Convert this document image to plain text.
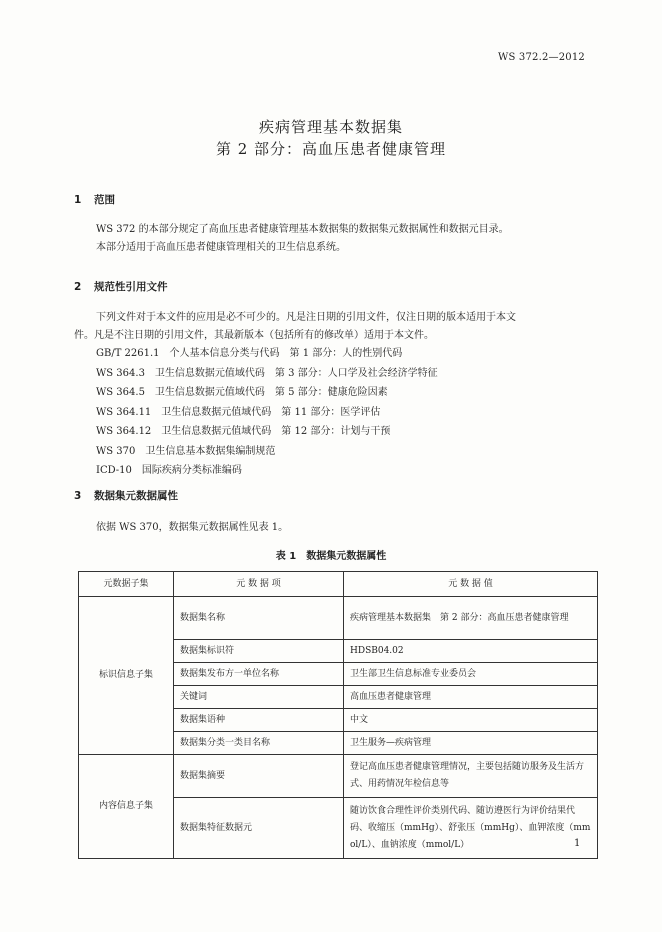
WS 372.2—2012
疾病管理基本数据集
第 2 部分：高血压患者健康管理
1 范围
WS 372 的本部分规定了高血压患者健康管理基本数据集的数据集元数据属性和数据元目录。
本部分适用于高血压患者健康管理相关的卫生信息系统。
2 规范性引用文件
下列文件对于本文件的应用是必不可少的。凡是注日期的引用文件，仅注日期的版本适用于本文
件。凡是不注日期的引用文件，其最新版本（包括所有的修改单）适用于本文件。
GB/T 2261.1　个人基本信息分类与代码　第 1 部分：人的性别代码
WS 364.3　卫生信息数据元值域代码　第 3 部分：人口学及社会经济学特征
WS 364.5　卫生信息数据元值域代码　第 5 部分：健康危险因素
WS 364.11　卫生信息数据元值域代码　第 11 部分：医学评估
WS 364.12　卫生信息数据元值域代码　第 12 部分：计划与干预
WS 370　卫生信息基本数据集编制规范
ICD-10　国际疾病分类标准编码
3 数据集元数据属性
依据 WS 370，数据集元数据属性见表 1。
表 1　数据集元数据属性
元数据子集	元 数 据 项	元 数 据 值
标识信息子集	数据集名称	疾病管理基本数据集　第 2 部分：高血压患者健康管理
	数据集标识符	HDSB04.02
	数据集发布方一单位名称	卫生部卫生信息标准专业委员会
	关键词	高血压患者健康管理
	数据集语种	中文
	数据集分类一类目名称	卫生服务—疾病管理
内容信息子集	数据集摘要	登记高血压患者健康管理情况，主要包括随访服务及生活方式、用药情况年检信息等
	数据集特征数据元	随访饮食合理性评价类别代码、随访遵医行为评价结果代码、收缩压（mmHg）、舒张压（mmHg）、血钾浓度（mmol/L）、血钠浓度（mmol/L）	1
